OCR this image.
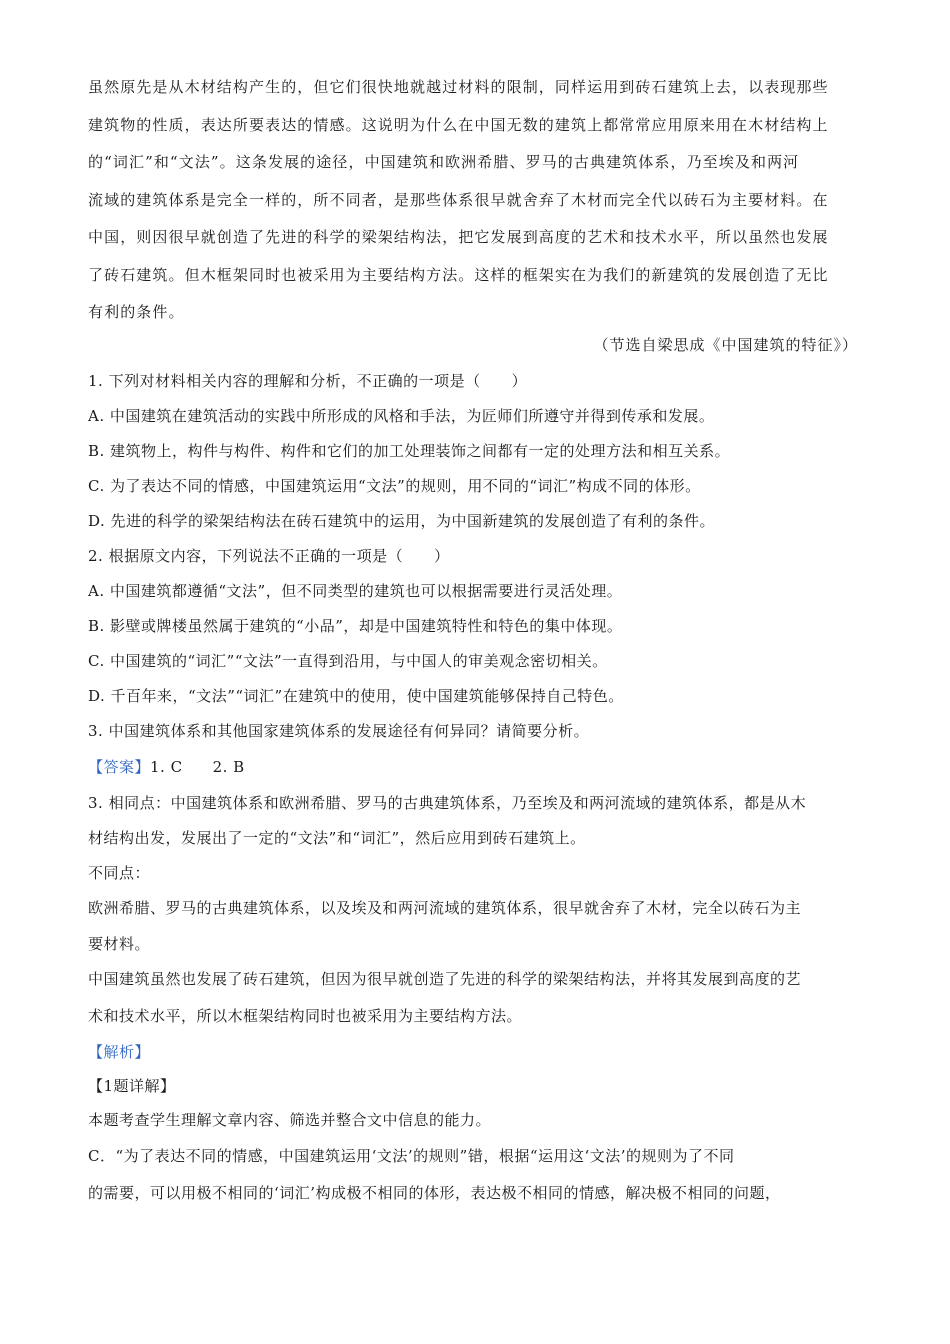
虽然原先是从木材结构产生的，但它们很快地就越过材料的限制，同样运用到砖石建筑上去，以表现那些

建筑物的性质，表达所要表达的情感。这说明为什么在中国无数的建筑上都常常应用原来用在木材结构上

的“词汇”和“文法”。这条发展的途径，中国建筑和欧洲希腊、罗马的古典建筑体系，乃至埃及和两河

流域的建筑体系是完全一样的，所不同者，是那些体系很早就舍弃了木材而完全代以砖石为主要材料。在

中国，则因很早就创造了先进的科学的梁架结构法，把它发展到高度的艺术和技术水平，所以虽然也发展

了砖石建筑。但木框架同时也被采用为主要结构方法。这样的框架实在为我们的新建筑的发展创造了无比

有利的条件。

（节选自梁思成《中国建筑的特征》）
1. 下列对材料相关内容的理解和分析，不正确的一项是（　　）
A. 中国建筑在建筑活动的实践中所形成的风格和手法，为匠师们所遵守并得到传承和发展。
B. 建筑物上，构件与构件、构件和它们的加工处理装饰之间都有一定的处理方法和相互关系。
C. 为了表达不同的情感，中国建筑运用“文法”的规则，用不同的“词汇”构成不同的体形。
D. 先进的科学的梁架结构法在砖石建筑中的运用，为中国新建筑的发展创造了有利的条件。
2. 根据原文内容，下列说法不正确的一项是（　　）
A. 中国建筑都遵循“文法”，但不同类型的建筑也可以根据需要进行灵活处理。
B. 影壁或牌楼虽然属于建筑的“小品”，却是中国建筑特性和特色的集中体现。
C. 中国建筑的“词汇”“文法”一直得到沿用，与中国人的审美观念密切相关。
D. 千百年来，“文法”“词汇”在建筑中的使用，使中国建筑能够保持自己特色。
3. 中国建筑体系和其他国家建筑体系的发展途径有何异同？请简要分析。
【答案】1. C 2. B
3. 相同点：中国建筑体系和欧洲希腊、罗马的古典建筑体系，乃至埃及和两河流域的建筑体系，都是从木
材结构出发，发展出了一定的“文法”和“词汇”，然后应用到砖石建筑上。
不同点：
欧洲希腊、罗马的古典建筑体系，以及埃及和两河流域的建筑体系，很早就舍弃了木材，完全以砖石为主
要材料。
中国建筑虽然也发展了砖石建筑，但因为很早就创造了先进的科学的梁架结构法，并将其发展到高度的艺
术和技术水平，所以木框架结构同时也被采用为主要结构方法。
【解析】
【1题详解】
本题考查学生理解文章内容、筛选并整合文中信息的能力。
C．“为了表达不同的情感，中国建筑运用‘文法’的规则”错，根据“运用这‘文法’的规则为了不同
的需要，可以用极不相同的‘词汇’构成极不相同的体形，表达极不相同的情感，解决极不相同的问题，
